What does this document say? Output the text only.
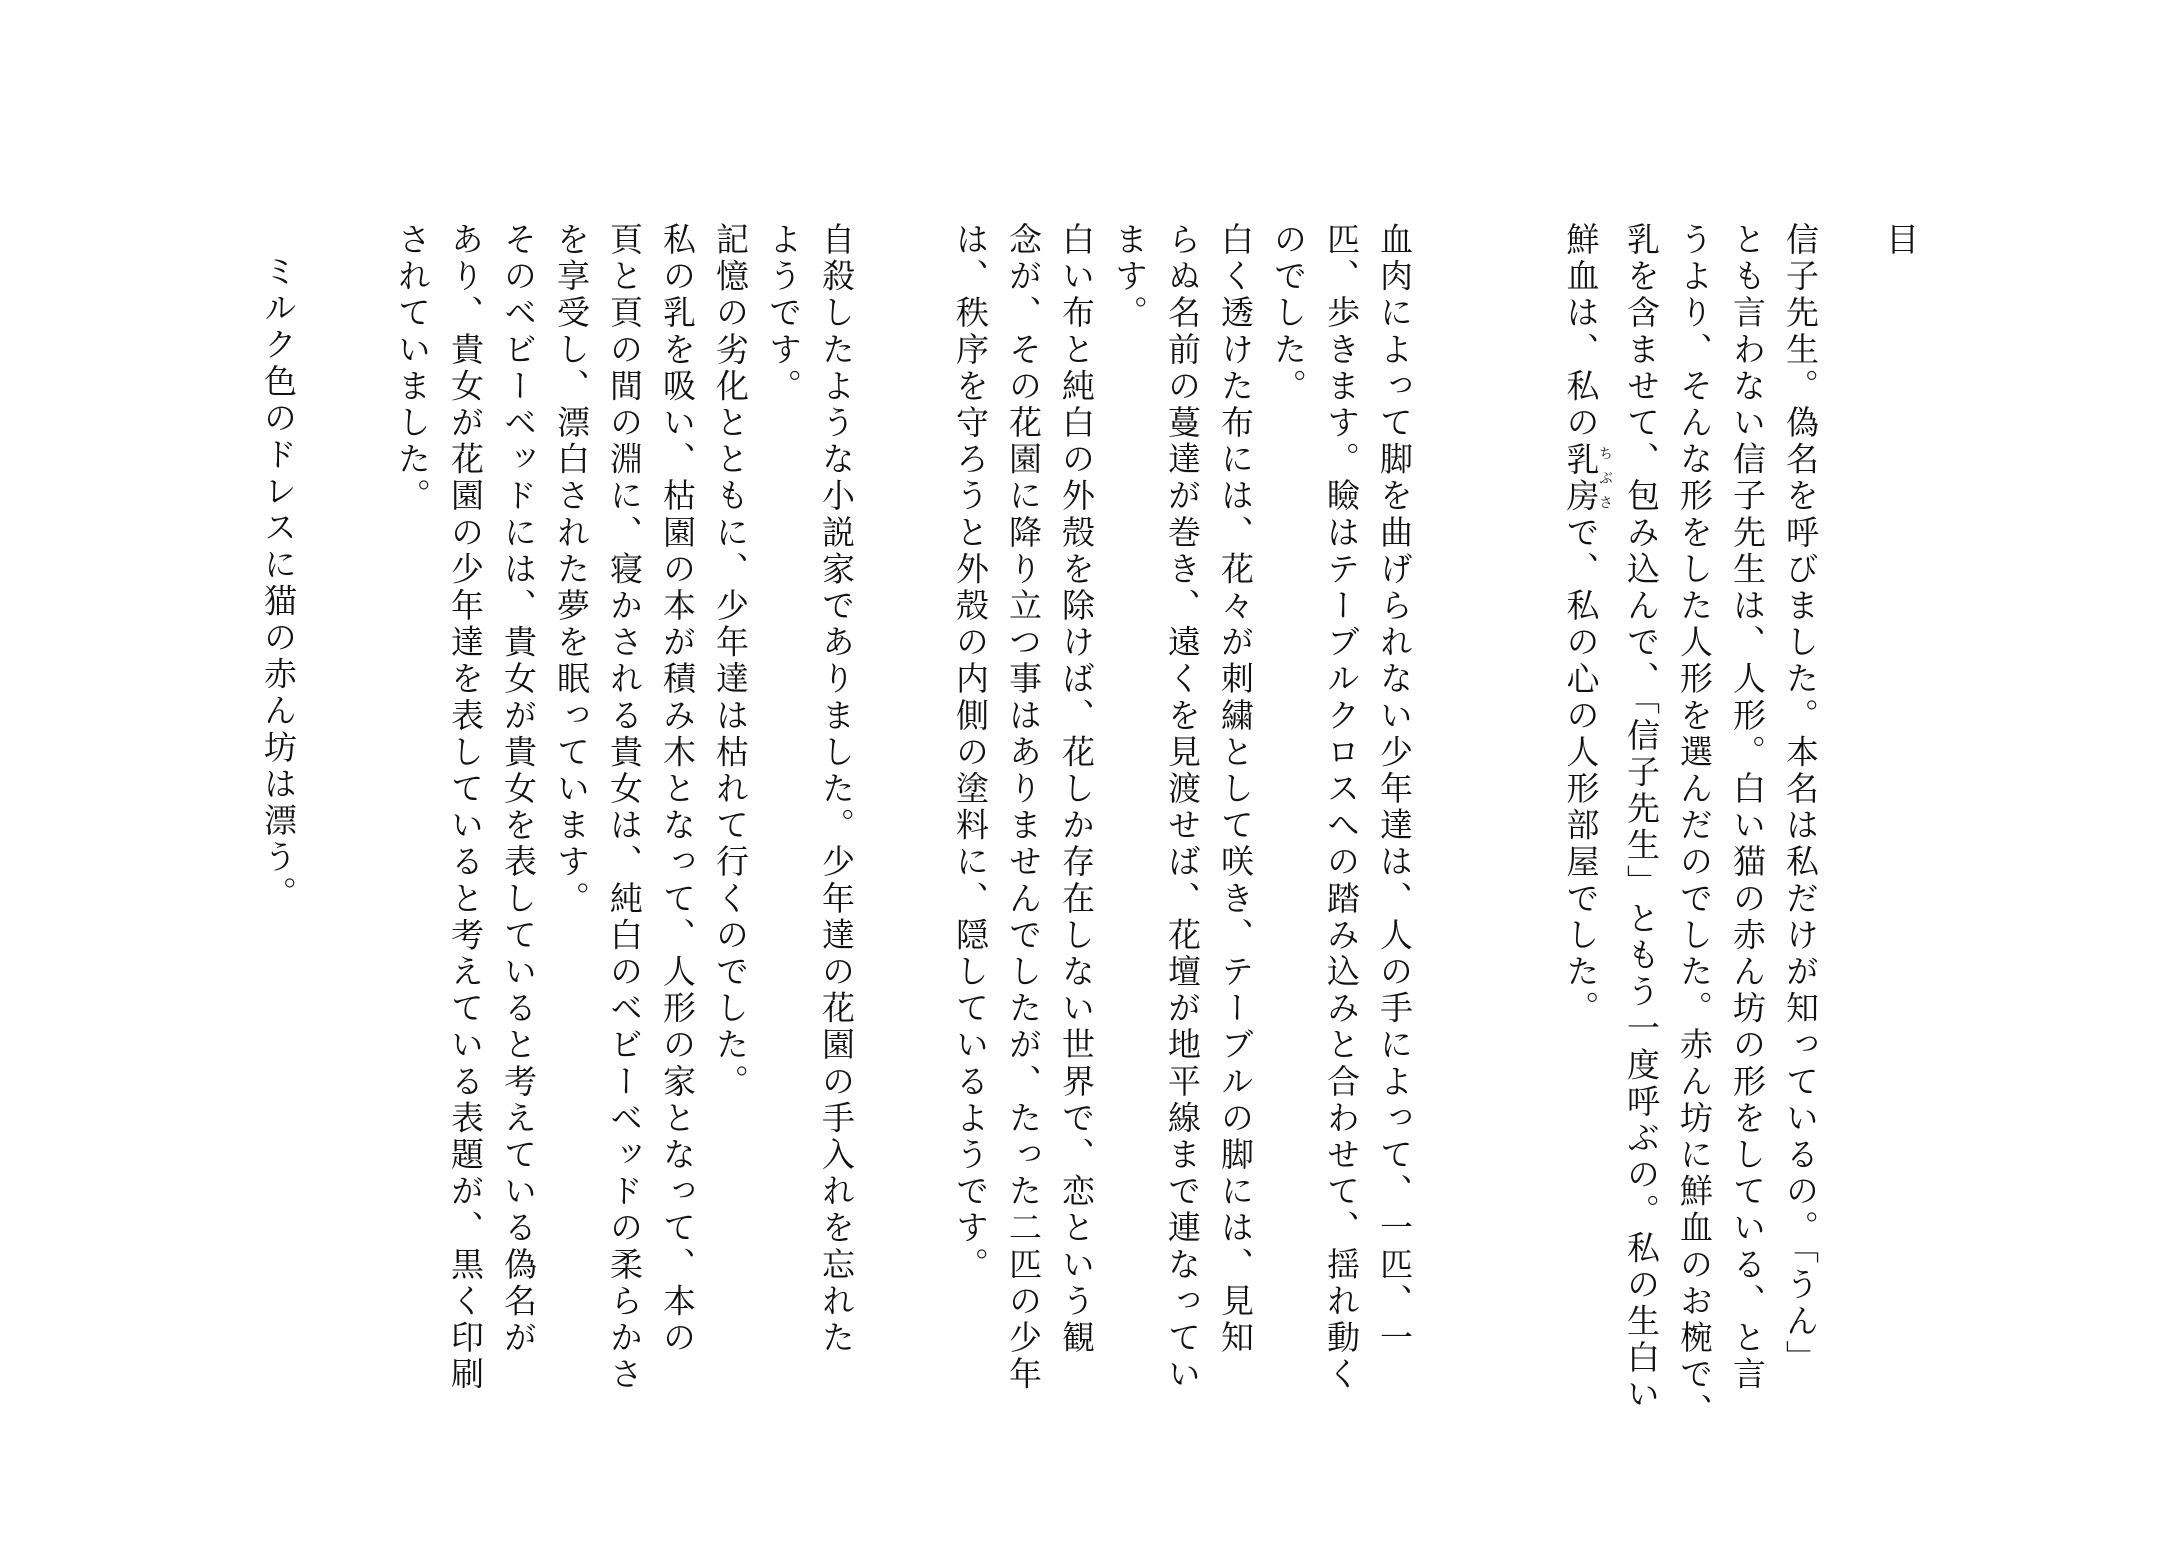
目
信子先生。偽名を呼びました。本名は私だけが知っているの。「うん」
とも言わない信子先生は、人形。白い猫の赤ん坊の形をしている、と言
うより、そんな形をした人形を選んだのでした。赤ん坊に鮮血のお椀で、
乳を含ませて、包み込んで、「信子先生」ともう一度呼ぶの。私の生白い
鮮血は、私の乳房ちぶさで、私の心の人形部屋でした。
血肉によって脚を曲げられない少年達は、人の手によって、一匹、一
匹、歩きます。瞼はテーブルクロスへの踏み込みと合わせて、揺れ動く
のでした。
白く透けた布には、花々が刺繍として咲き、テーブルの脚には、見知
らぬ名前の蔓達が巻き、遠くを見渡せば、花壇が地平線まで連なってい
ます。
白い布と純白の外殻を除けば、花しか存在しない世界で、恋という観
念が、その花園に降り立つ事はありませんでしたが、たった二匹の少年
は、秩序を守ろうと外殻の内側の塗料に、隠しているようです。
自殺したような小説家でありました。少年達の花園の手入れを忘れた
ようです。
記憶の劣化とともに、少年達は枯れて行くのでした。
私の乳を吸い、枯園の本が積み木となって、人形の家となって、本の
頁と頁の間の淵に、寝かされる貴女は、純白のベビーベッドの柔らかさ
を享受し、漂白された夢を眠っています。
そのベビーベッドには、貴女が貴女を表していると考えている偽名が
あり、貴女が花園の少年達を表していると考えている表題が、黒く印刷
されていました。
ミルク色のドレスに猫の赤ん坊は漂う。
